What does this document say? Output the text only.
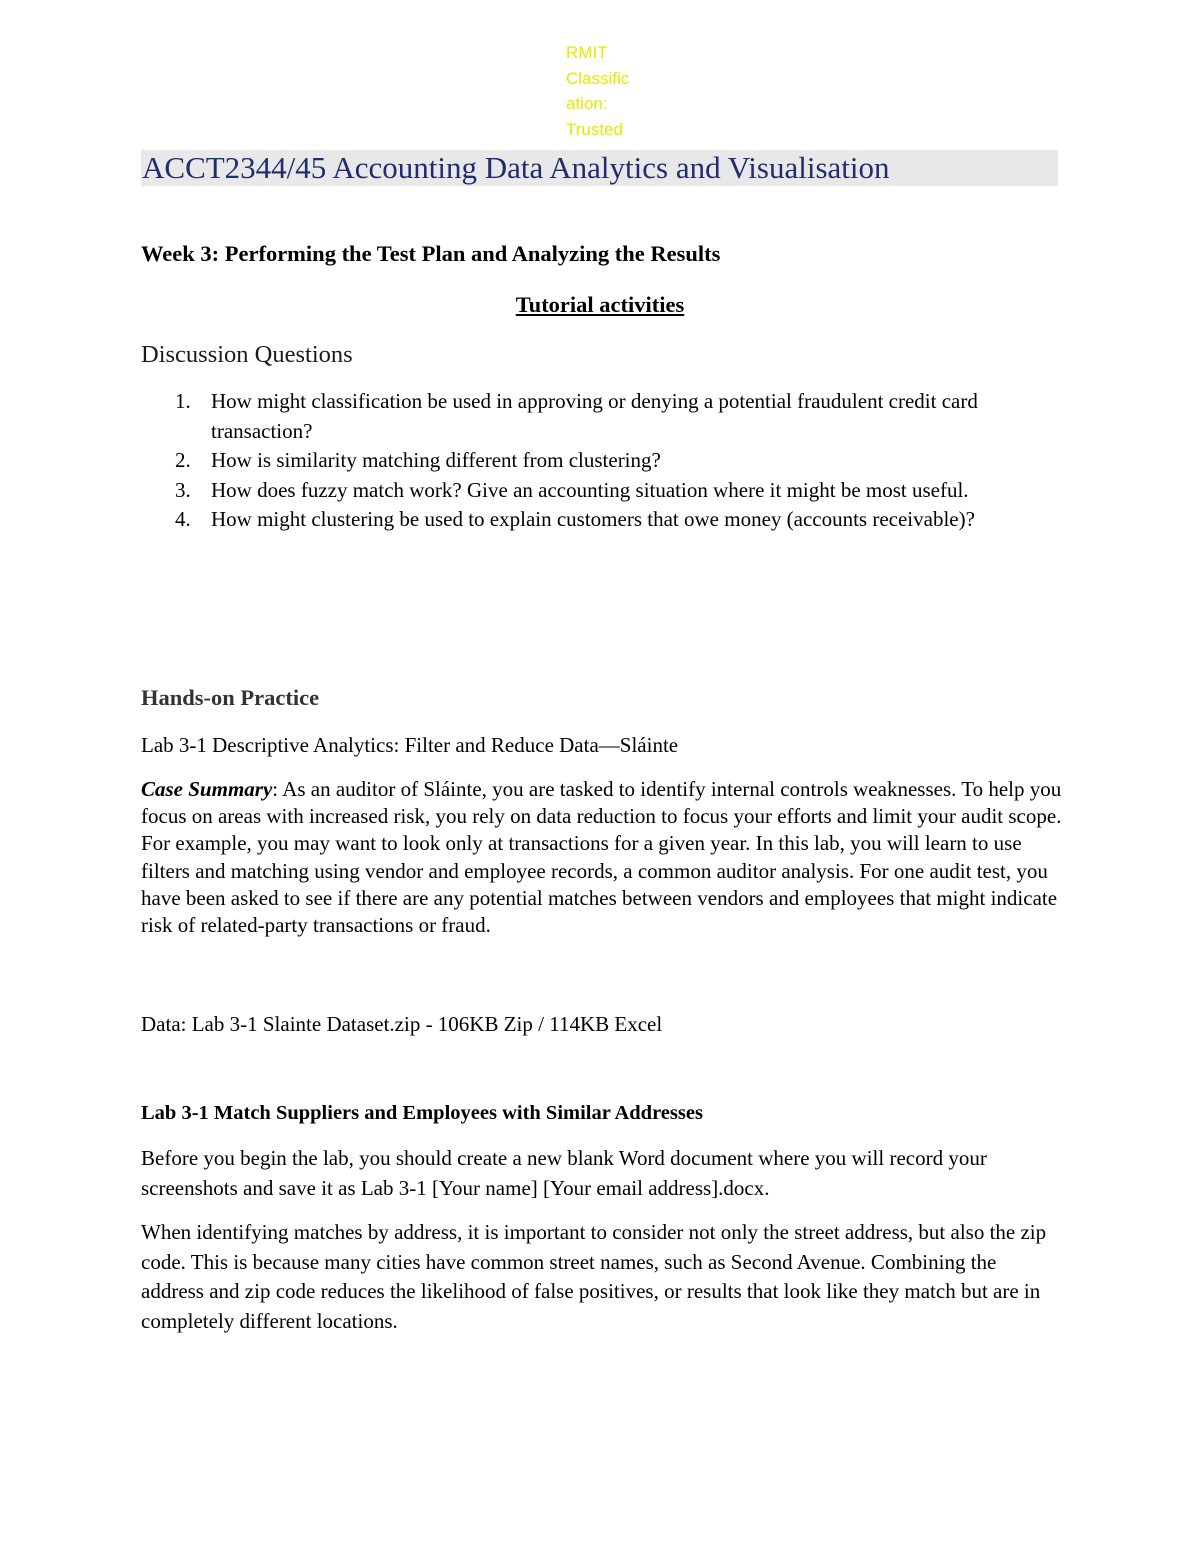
RMIT
Classific
ation:
Trusted
ACCT2344/45 Accounting Data Analytics and Visualisation
Week 3: Performing the Test Plan and Analyzing the Results
Tutorial activities
Discussion Questions
1. How might classification be used in approving or denying a potential fraudulent credit card transaction?
2. How is similarity matching different from clustering?
3. How does fuzzy match work? Give an accounting situation where it might be most useful.
4. How might clustering be used to explain customers that owe money (accounts receivable)?
Hands-on Practice

Lab 3-1 Descriptive Analytics: Filter and Reduce Data—Sláinte

Case Summary: As an auditor of Sláinte, you are tasked to identify internal controls weaknesses. To help you focus on areas with increased risk, you rely on data reduction to focus your efforts and limit your audit scope. For example, you may want to look only at transactions for a given year. In this lab, you will learn to use filters and matching using vendor and employee records, a common auditor analysis. For one audit test, you have been asked to see if there are any potential matches between vendors and employees that might indicate risk of related-party transactions or fraud.

Data: Lab 3-1 Slainte Dataset.zip - 106KB Zip / 114KB Excel

Lab 3-1 Match Suppliers and Employees with Similar Addresses

Before you begin the lab, you should create a new blank Word document where you will record your screenshots and save it as Lab 3-1 [Your name] [Your email address].docx.

When identifying matches by address, it is important to consider not only the street address, but also the zip code. This is because many cities have common street names, such as Second Avenue. Combining the address and zip code reduces the likelihood of false positives, or results that look like they match but are in completely different locations.
